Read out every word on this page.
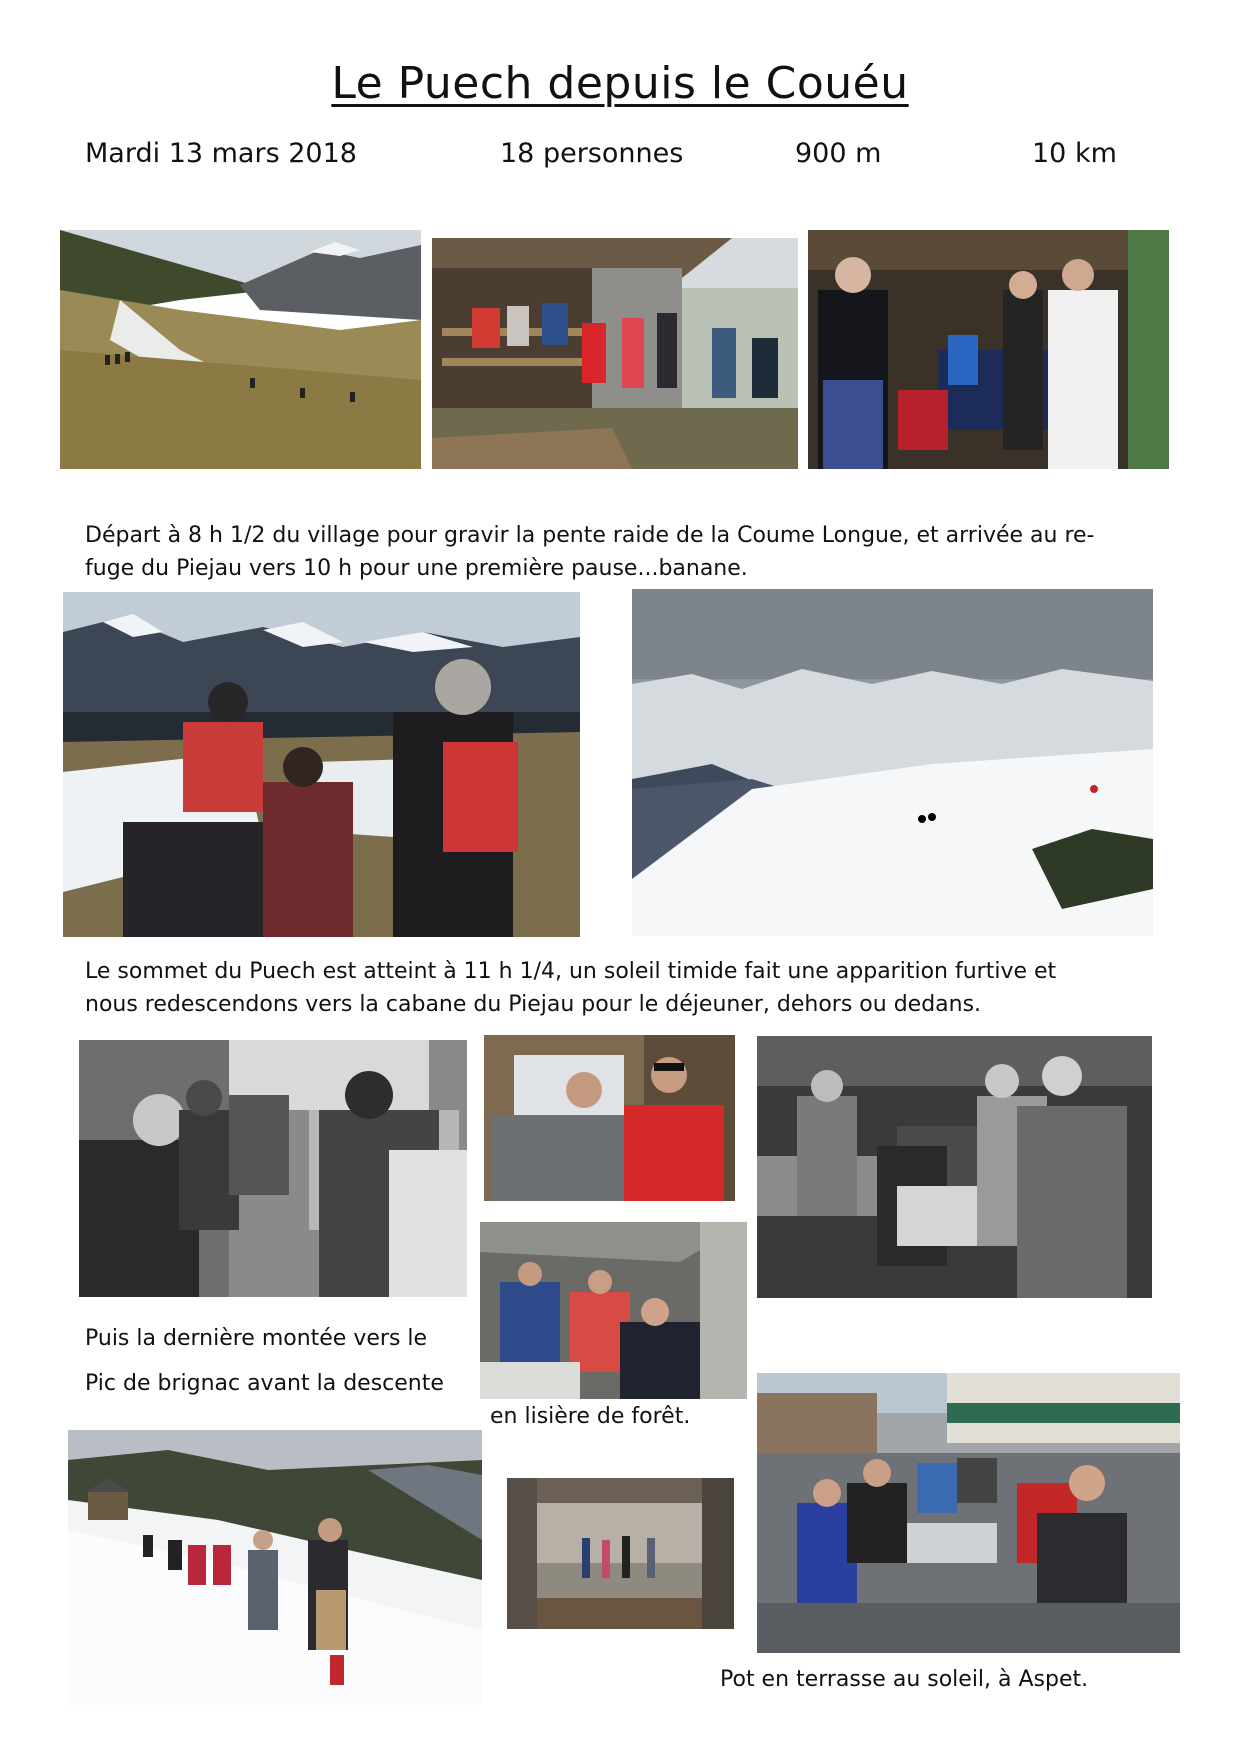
Le Puech depuis le Couéu
Mardi 13 mars 2018	18 personnes	900 m	10 km
Départ à 8 h 1/2 du village pour gravir la pente raide de la Coume Longue, et arrivée au re-
fuge du Piejau vers 10 h pour une première pause...banane.
Le sommet du Puech est atteint à 11 h 1/4, un soleil timide fait une apparition furtive et
nous redescendons vers la cabane du Piejau pour le déjeuner, dehors ou dedans.
Puis la dernière montée vers le
Pic de brignac avant la descente
en lisière de forêt.
Pot en terrasse au soleil, à Aspet.
